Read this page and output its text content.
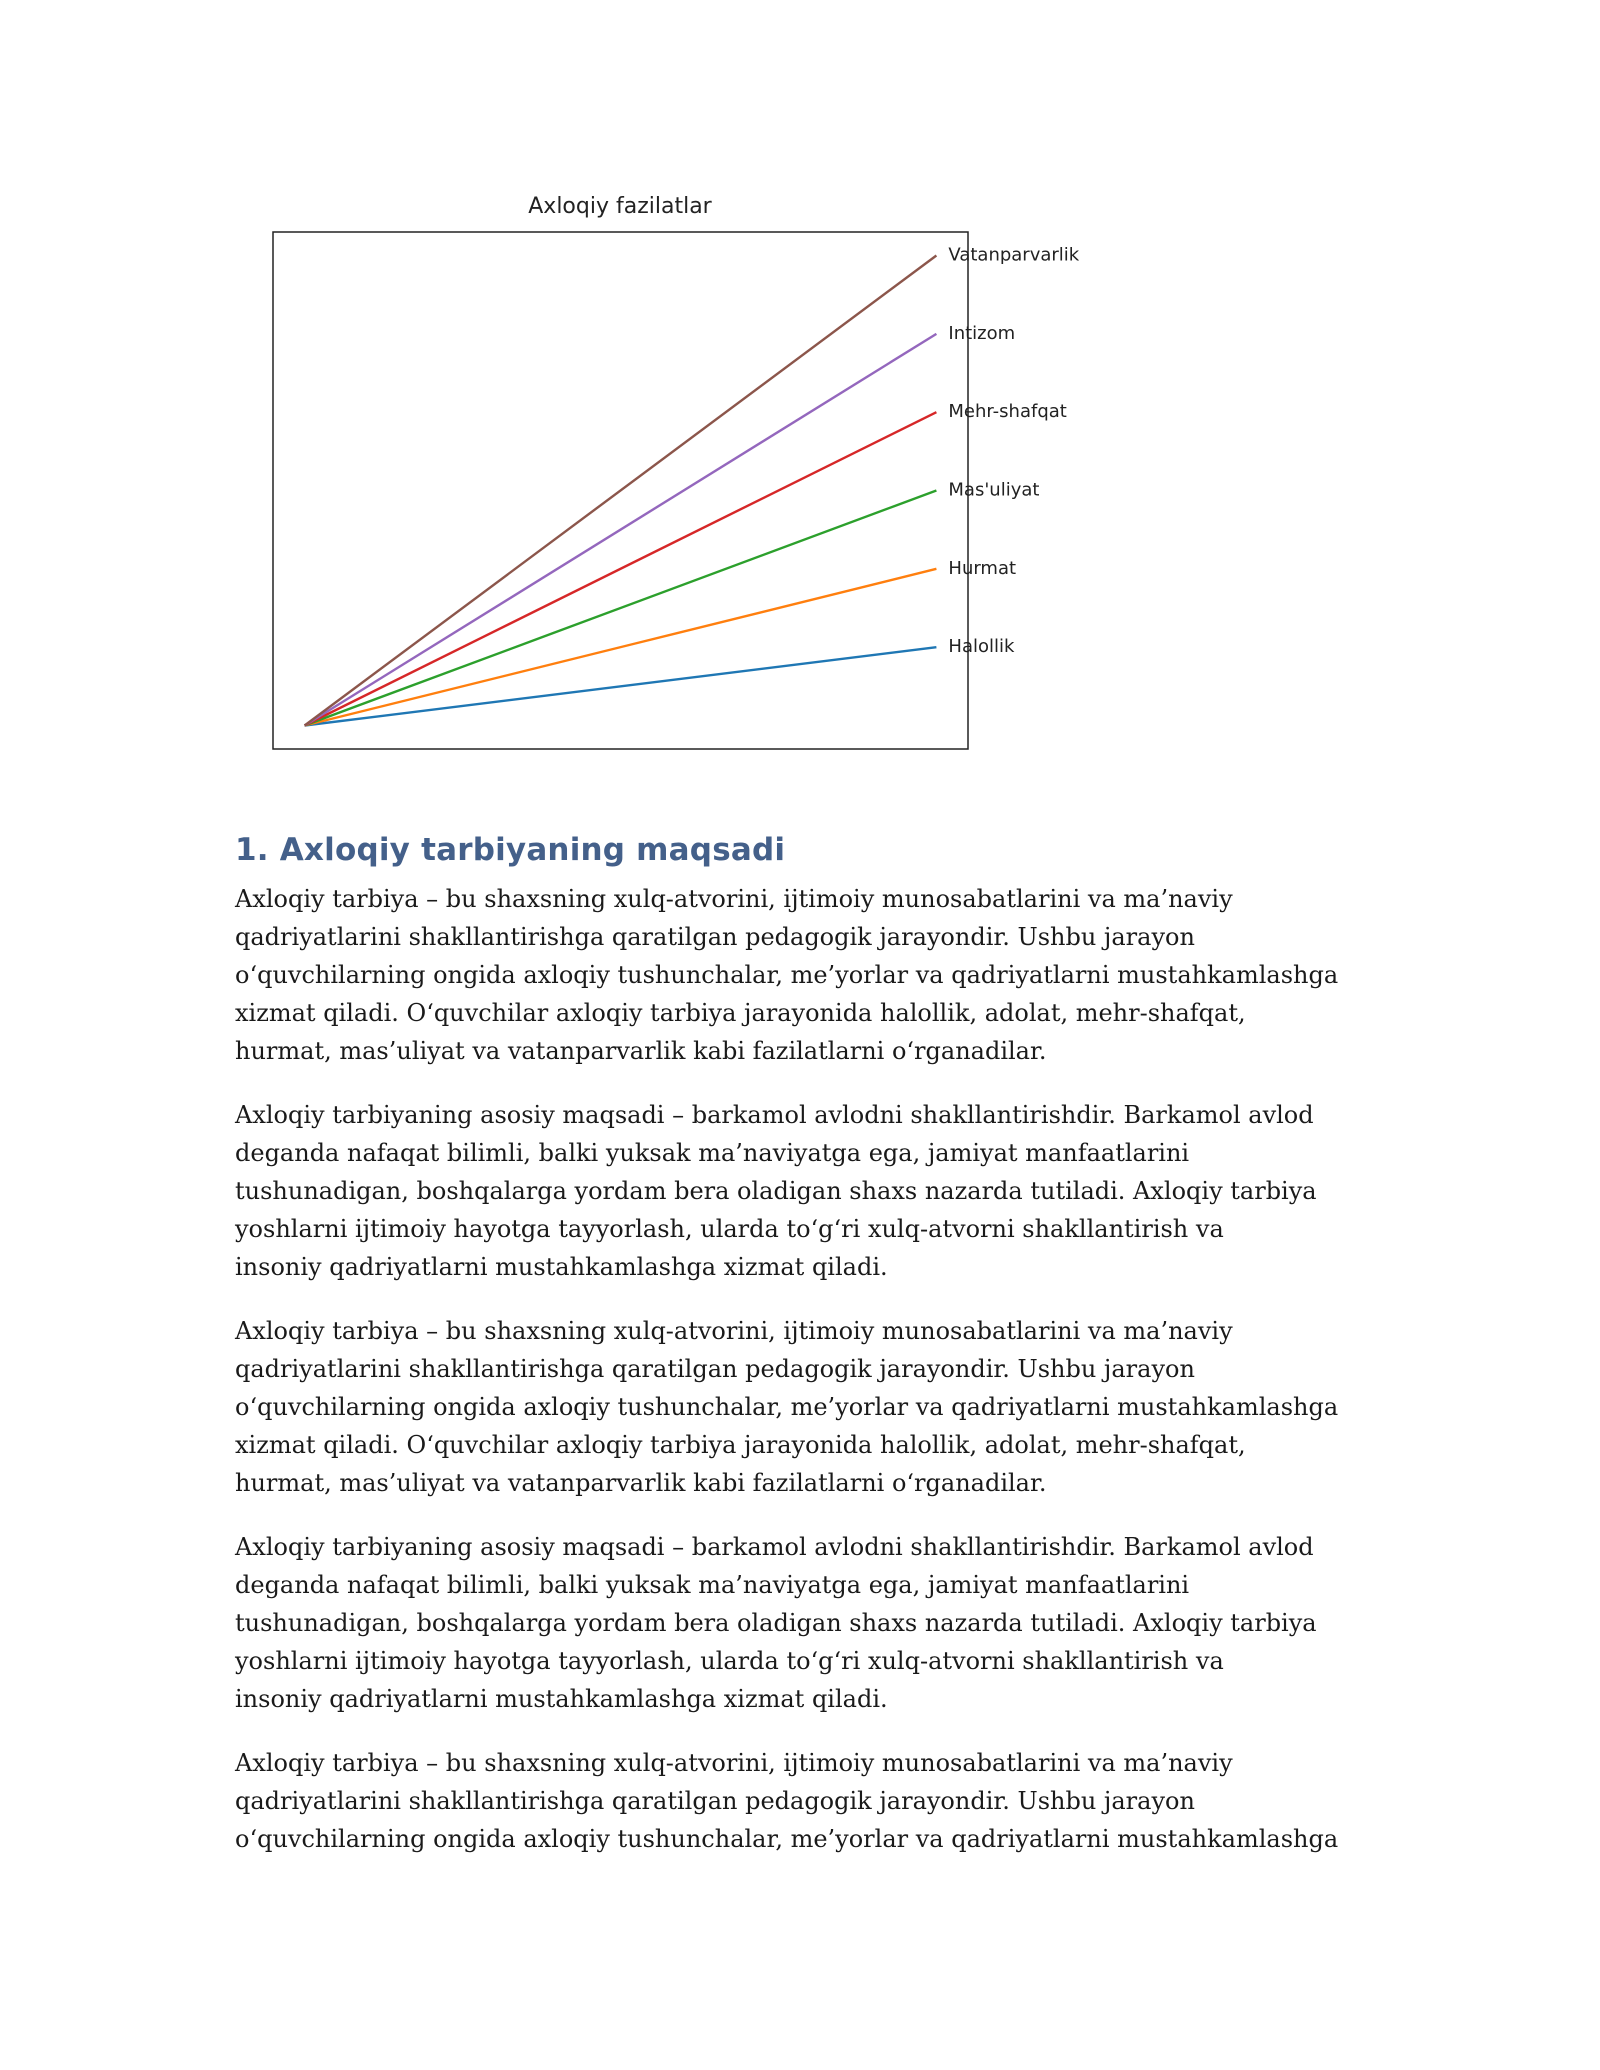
Axloqiy fazilatlar
Halollik
Hurmat
Mas'uliyat
Mehr-shafqat
Intizom
Vatanparvarlik
1. Axloqiy tarbiyaning maqsadi

Axloqiy tarbiya – bu shaxsning xulq-atvorini, ijtimoiy munosabatlarini va ma’naviy
qadriyatlarini shakllantirishga qaratilgan pedagogik jarayondir. Ushbu jarayon
o‘quvchilarning ongida axloqiy tushunchalar, me’yorlar va qadriyatlarni mustahkamlashga
xizmat qiladi. O‘quvchilar axloqiy tarbiya jarayonida halollik, adolat, mehr-shafqat,
hurmat, mas’uliyat va vatanparvarlik kabi fazilatlarni o‘rganadilar.

Axloqiy tarbiyaning asosiy maqsadi – barkamol avlodni shakllantirishdir. Barkamol avlod
deganda nafaqat bilimli, balki yuksak ma’naviyatga ega, jamiyat manfaatlarini
tushunadigan, boshqalarga yordam bera oladigan shaxs nazarda tutiladi. Axloqiy tarbiya
yoshlarni ijtimoiy hayotga tayyorlash, ularda to‘g‘ri xulq-atvorni shakllantirish va
insoniy qadriyatlarni mustahkamlashga xizmat qiladi.

Axloqiy tarbiya – bu shaxsning xulq-atvorini, ijtimoiy munosabatlarini va ma’naviy
qadriyatlarini shakllantirishga qaratilgan pedagogik jarayondir. Ushbu jarayon
o‘quvchilarning ongida axloqiy tushunchalar, me’yorlar va qadriyatlarni mustahkamlashga
xizmat qiladi. O‘quvchilar axloqiy tarbiya jarayonida halollik, adolat, mehr-shafqat,
hurmat, mas’uliyat va vatanparvarlik kabi fazilatlarni o‘rganadilar.

Axloqiy tarbiyaning asosiy maqsadi – barkamol avlodni shakllantirishdir. Barkamol avlod
deganda nafaqat bilimli, balki yuksak ma’naviyatga ega, jamiyat manfaatlarini
tushunadigan, boshqalarga yordam bera oladigan shaxs nazarda tutiladi. Axloqiy tarbiya
yoshlarni ijtimoiy hayotga tayyorlash, ularda to‘g‘ri xulq-atvorni shakllantirish va
insoniy qadriyatlarni mustahkamlashga xizmat qiladi.

Axloqiy tarbiya – bu shaxsning xulq-atvorini, ijtimoiy munosabatlarini va ma’naviy
qadriyatlarini shakllantirishga qaratilgan pedagogik jarayondir. Ushbu jarayon
o‘quvchilarning ongida axloqiy tushunchalar, me’yorlar va qadriyatlarni mustahkamlashga
